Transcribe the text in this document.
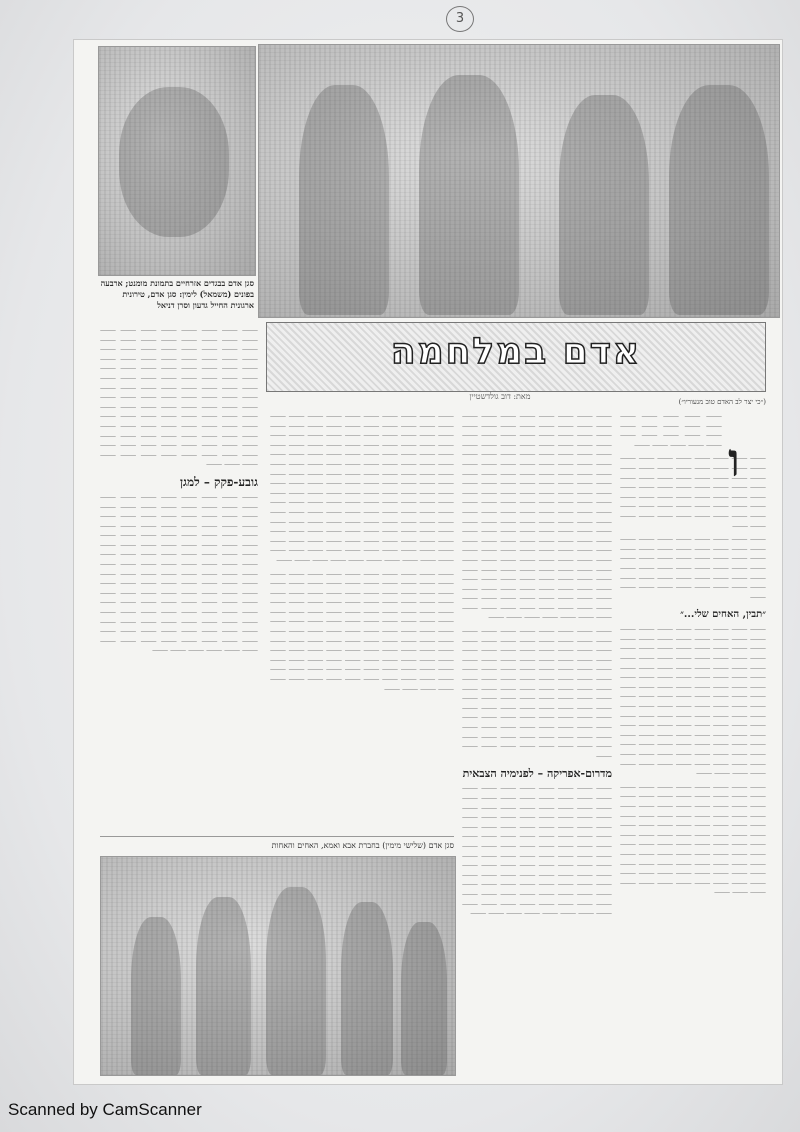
3
סגן אדם בבגדים אזרחיים בתמונת מומנט; ארבעה בפונים (משמאל) לימין: סגן אדם, טירונית ארגונית החייל גדעון וסרן דניאל
אדם במלחמה
מאת: דוב גולדשטיין
(״כי יצר לב האדם טוב מנעוריו״)
ו

⸻ ⸻ ⸻ ⸻ ⸻ ⸻ ⸻ ⸻ ⸻ ⸻ ⸻ ⸻ ⸻ ⸻ ⸻ ⸻ ⸻ ⸻ ⸻ ⸻

⸻ ⸻ ⸻ ⸻ ⸻ ⸻ ⸻ ⸻ ⸻ ⸻ ⸻ ⸻ ⸻ ⸻ ⸻ ⸻ ⸻ ⸻ ⸻ ⸻ ⸻ ⸻ ⸻ ⸻ ⸻ ⸻ ⸻ ⸻ ⸻ ⸻ ⸻ ⸻ ⸻ ⸻ ⸻ ⸻ ⸻ ⸻ ⸻ ⸻ ⸻ ⸻ ⸻ ⸻ ⸻ ⸻ ⸻ ⸻ ⸻ ⸻ ⸻ ⸻ ⸻ ⸻ ⸻ ⸻ ⸻ ⸻

⸻ ⸻ ⸻ ⸻ ⸻ ⸻ ⸻ ⸻ ⸻ ⸻ ⸻ ⸻ ⸻ ⸻ ⸻ ⸻ ⸻ ⸻ ⸻ ⸻ ⸻ ⸻ ⸻ ⸻ ⸻ ⸻ ⸻ ⸻ ⸻ ⸻ ⸻ ⸻ ⸻ ⸻ ⸻ ⸻ ⸻ ⸻ ⸻ ⸻ ⸻ ⸻ ⸻ ⸻ ⸻ ⸻ ⸻ ⸻ ⸻

״תבין, האחים שלי...״

⸻ ⸻ ⸻ ⸻ ⸻ ⸻ ⸻ ⸻ ⸻ ⸻ ⸻ ⸻ ⸻ ⸻ ⸻ ⸻ ⸻ ⸻ ⸻ ⸻ ⸻ ⸻ ⸻ ⸻ ⸻ ⸻ ⸻ ⸻ ⸻ ⸻ ⸻ ⸻ ⸻ ⸻ ⸻ ⸻ ⸻ ⸻ ⸻ ⸻ ⸻ ⸻ ⸻ ⸻ ⸻ ⸻ ⸻ ⸻ ⸻ ⸻ ⸻ ⸻ ⸻ ⸻ ⸻ ⸻ ⸻ ⸻ ⸻ ⸻ ⸻ ⸻ ⸻ ⸻ ⸻ ⸻ ⸻ ⸻ ⸻ ⸻ ⸻ ⸻ ⸻ ⸻ ⸻ ⸻ ⸻ ⸻ ⸻ ⸻ ⸻ ⸻ ⸻ ⸻ ⸻ ⸻ ⸻ ⸻ ⸻ ⸻ ⸻ ⸻ ⸻ ⸻ ⸻ ⸻ ⸻ ⸻ ⸻ ⸻ ⸻ ⸻ ⸻ ⸻ ⸻ ⸻ ⸻ ⸻ ⸻ ⸻ ⸻ ⸻ ⸻ ⸻ ⸻ ⸻ ⸻ ⸻ ⸻ ⸻ ⸻ ⸻ ⸻ ⸻

⸻ ⸻ ⸻ ⸻ ⸻ ⸻ ⸻ ⸻ ⸻ ⸻ ⸻ ⸻ ⸻ ⸻ ⸻ ⸻ ⸻ ⸻ ⸻ ⸻ ⸻ ⸻ ⸻ ⸻ ⸻ ⸻ ⸻ ⸻ ⸻ ⸻ ⸻ ⸻ ⸻ ⸻ ⸻ ⸻ ⸻ ⸻ ⸻ ⸻ ⸻ ⸻ ⸻ ⸻ ⸻ ⸻ ⸻ ⸻ ⸻ ⸻ ⸻ ⸻ ⸻ ⸻ ⸻ ⸻ ⸻ ⸻ ⸻ ⸻ ⸻ ⸻ ⸻ ⸻ ⸻ ⸻ ⸻ ⸻ ⸻ ⸻ ⸻ ⸻ ⸻ ⸻ ⸻ ⸻ ⸻ ⸻ ⸻ ⸻ ⸻ ⸻ ⸻ ⸻ ⸻ ⸻ ⸻ ⸻ ⸻ ⸻ ⸻

⸻ ⸻ ⸻ ⸻ ⸻ ⸻ ⸻ ⸻ ⸻ ⸻ ⸻ ⸻ ⸻ ⸻ ⸻ ⸻ ⸻ ⸻ ⸻ ⸻ ⸻ ⸻ ⸻ ⸻ ⸻ ⸻ ⸻ ⸻ ⸻ ⸻ ⸻ ⸻ ⸻ ⸻ ⸻ ⸻ ⸻ ⸻ ⸻ ⸻ ⸻ ⸻ ⸻ ⸻ ⸻ ⸻ ⸻ ⸻ ⸻ ⸻ ⸻ ⸻ ⸻ ⸻ ⸻ ⸻ ⸻ ⸻ ⸻ ⸻ ⸻ ⸻ ⸻ ⸻ ⸻ ⸻ ⸻ ⸻ ⸻ ⸻ ⸻ ⸻ ⸻ ⸻ ⸻ ⸻ ⸻ ⸻ ⸻ ⸻ ⸻ ⸻ ⸻ ⸻ ⸻ ⸻ ⸻ ⸻ ⸻ ⸻ ⸻ ⸻ ⸻ ⸻ ⸻ ⸻ ⸻ ⸻ ⸻ ⸻ ⸻ ⸻ ⸻ ⸻ ⸻ ⸻ ⸻ ⸻ ⸻ ⸻ ⸻ ⸻ ⸻ ⸻ ⸻ ⸻ ⸻ ⸻ ⸻ ⸻ ⸻ ⸻ ⸻ ⸻ ⸻ ⸻ ⸻ ⸻ ⸻ ⸻ ⸻ ⸻ ⸻ ⸻ ⸻ ⸻ ⸻ ⸻ ⸻ ⸻ ⸻ ⸻ ⸻ ⸻ ⸻ ⸻ ⸻ ⸻ ⸻ ⸻ ⸻ ⸻ ⸻ ⸻ ⸻ ⸻ ⸻ ⸻ ⸻ ⸻ ⸻ ⸻ ⸻ ⸻ ⸻ ⸻ ⸻ ⸻ ⸻ ⸻ ⸻ ⸻ ⸻ ⸻ ⸻

⸻ ⸻ ⸻ ⸻ ⸻ ⸻ ⸻ ⸻ ⸻ ⸻ ⸻ ⸻ ⸻ ⸻ ⸻ ⸻ ⸻ ⸻ ⸻ ⸻ ⸻ ⸻ ⸻ ⸻ ⸻ ⸻ ⸻ ⸻ ⸻ ⸻ ⸻ ⸻ ⸻ ⸻ ⸻ ⸻ ⸻ ⸻ ⸻ ⸻ ⸻ ⸻ ⸻ ⸻ ⸻ ⸻ ⸻ ⸻ ⸻ ⸻ ⸻ ⸻ ⸻ ⸻ ⸻ ⸻ ⸻ ⸻ ⸻ ⸻ ⸻ ⸻ ⸻ ⸻ ⸻ ⸻ ⸻ ⸻ ⸻ ⸻ ⸻ ⸻ ⸻ ⸻ ⸻ ⸻ ⸻ ⸻ ⸻ ⸻ ⸻ ⸻ ⸻ ⸻ ⸻ ⸻ ⸻ ⸻ ⸻ ⸻ ⸻ ⸻ ⸻ ⸻ ⸻ ⸻ ⸻ ⸻ ⸻ ⸻ ⸻ ⸻ ⸻ ⸻ ⸻

מדרום-אפריקה – לפנימיה הצבאית

⸻ ⸻ ⸻ ⸻ ⸻ ⸻ ⸻ ⸻ ⸻ ⸻ ⸻ ⸻ ⸻ ⸻ ⸻ ⸻ ⸻ ⸻ ⸻ ⸻ ⸻ ⸻ ⸻ ⸻ ⸻ ⸻ ⸻ ⸻ ⸻ ⸻ ⸻ ⸻ ⸻ ⸻ ⸻ ⸻ ⸻ ⸻ ⸻ ⸻ ⸻ ⸻ ⸻ ⸻ ⸻ ⸻ ⸻ ⸻ ⸻ ⸻ ⸻ ⸻ ⸻ ⸻ ⸻ ⸻ ⸻ ⸻ ⸻ ⸻ ⸻ ⸻ ⸻ ⸻ ⸻ ⸻ ⸻ ⸻ ⸻ ⸻ ⸻ ⸻ ⸻ ⸻ ⸻ ⸻ ⸻ ⸻ ⸻ ⸻ ⸻ ⸻ ⸻ ⸻ ⸻ ⸻ ⸻ ⸻ ⸻ ⸻ ⸻ ⸻ ⸻ ⸻ ⸻ ⸻ ⸻ ⸻ ⸻ ⸻ ⸻ ⸻ ⸻ ⸻ ⸻ ⸻ ⸻ ⸻ ⸻ ⸻ ⸻ ⸻

⸻ ⸻ ⸻ ⸻ ⸻ ⸻ ⸻ ⸻ ⸻ ⸻ ⸻ ⸻ ⸻ ⸻ ⸻ ⸻ ⸻ ⸻ ⸻ ⸻ ⸻ ⸻ ⸻ ⸻ ⸻ ⸻ ⸻ ⸻ ⸻ ⸻ ⸻ ⸻ ⸻ ⸻ ⸻ ⸻ ⸻ ⸻ ⸻ ⸻ ⸻ ⸻ ⸻ ⸻ ⸻ ⸻ ⸻ ⸻ ⸻ ⸻ ⸻ ⸻ ⸻ ⸻ ⸻ ⸻ ⸻ ⸻ ⸻ ⸻ ⸻ ⸻ ⸻ ⸻ ⸻ ⸻ ⸻ ⸻ ⸻ ⸻ ⸻ ⸻ ⸻ ⸻ ⸻ ⸻ ⸻ ⸻ ⸻ ⸻ ⸻ ⸻ ⸻ ⸻ ⸻ ⸻ ⸻ ⸻ ⸻ ⸻ ⸻ ⸻ ⸻ ⸻ ⸻ ⸻ ⸻ ⸻ ⸻ ⸻ ⸻ ⸻ ⸻ ⸻ ⸻ ⸻ ⸻ ⸻ ⸻ ⸻ ⸻ ⸻ ⸻ ⸻ ⸻ ⸻ ⸻ ⸻ ⸻ ⸻ ⸻ ⸻ ⸻ ⸻ ⸻ ⸻ ⸻ ⸻ ⸻ ⸻ ⸻ ⸻ ⸻ ⸻ ⸻ ⸻ ⸻ ⸻ ⸻ ⸻ ⸻ ⸻ ⸻ ⸻ ⸻ ⸻ ⸻ ⸻ ⸻ ⸻ ⸻ ⸻ ⸻ ⸻ ⸻ ⸻ ⸻ ⸻ ⸻ ⸻

⸻ ⸻ ⸻ ⸻ ⸻ ⸻ ⸻ ⸻ ⸻ ⸻ ⸻ ⸻ ⸻ ⸻ ⸻ ⸻ ⸻ ⸻ ⸻ ⸻ ⸻ ⸻ ⸻ ⸻ ⸻ ⸻ ⸻ ⸻ ⸻ ⸻ ⸻ ⸻ ⸻ ⸻ ⸻ ⸻ ⸻ ⸻ ⸻ ⸻ ⸻ ⸻ ⸻ ⸻ ⸻ ⸻ ⸻ ⸻ ⸻ ⸻ ⸻ ⸻ ⸻ ⸻ ⸻ ⸻ ⸻ ⸻ ⸻ ⸻ ⸻ ⸻ ⸻ ⸻ ⸻ ⸻ ⸻ ⸻ ⸻ ⸻ ⸻ ⸻ ⸻ ⸻ ⸻ ⸻ ⸻ ⸻ ⸻ ⸻ ⸻ ⸻ ⸻ ⸻ ⸻ ⸻ ⸻ ⸻ ⸻ ⸻ ⸻ ⸻ ⸻ ⸻ ⸻ ⸻ ⸻ ⸻ ⸻ ⸻ ⸻ ⸻ ⸻ ⸻ ⸻ ⸻ ⸻ ⸻ ⸻ ⸻ ⸻ ⸻ ⸻ ⸻ ⸻ ⸻ ⸻ ⸻ ⸻ ⸻ ⸻ ⸻ ⸻ ⸻

⸻ ⸻ ⸻ ⸻ ⸻ ⸻ ⸻ ⸻ ⸻ ⸻ ⸻ ⸻ ⸻ ⸻ ⸻ ⸻ ⸻ ⸻ ⸻ ⸻ ⸻ ⸻ ⸻ ⸻ ⸻ ⸻ ⸻ ⸻ ⸻ ⸻ ⸻ ⸻ ⸻ ⸻ ⸻ ⸻ ⸻ ⸻ ⸻ ⸻ ⸻ ⸻ ⸻ ⸻ ⸻ ⸻ ⸻ ⸻ ⸻ ⸻ ⸻ ⸻ ⸻ ⸻ ⸻ ⸻ ⸻ ⸻ ⸻ ⸻ ⸻ ⸻ ⸻ ⸻ ⸻ ⸻ ⸻ ⸻ ⸻ ⸻ ⸻ ⸻ ⸻ ⸻ ⸻ ⸻ ⸻ ⸻ ⸻ ⸻ ⸻ ⸻ ⸻ ⸻ ⸻ ⸻ ⸻ ⸻ ⸻ ⸻ ⸻ ⸻ ⸻ ⸻ ⸻ ⸻ ⸻ ⸻ ⸻ ⸻ ⸻ ⸻ ⸻ ⸻ ⸻ ⸻ ⸻ ⸻ ⸻ ⸻ ⸻ ⸻ ⸻ ⸻ ⸻

גובע-פקק – למגן

⸻ ⸻ ⸻ ⸻ ⸻ ⸻ ⸻ ⸻ ⸻ ⸻ ⸻ ⸻ ⸻ ⸻ ⸻ ⸻ ⸻ ⸻ ⸻ ⸻ ⸻ ⸻ ⸻ ⸻ ⸻ ⸻ ⸻ ⸻ ⸻ ⸻ ⸻ ⸻ ⸻ ⸻ ⸻ ⸻ ⸻ ⸻ ⸻ ⸻ ⸻ ⸻ ⸻ ⸻ ⸻ ⸻ ⸻ ⸻ ⸻ ⸻ ⸻ ⸻ ⸻ ⸻ ⸻ ⸻ ⸻ ⸻ ⸻ ⸻ ⸻ ⸻ ⸻ ⸻ ⸻ ⸻ ⸻ ⸻ ⸻ ⸻ ⸻ ⸻ ⸻ ⸻ ⸻ ⸻ ⸻ ⸻ ⸻ ⸻ ⸻ ⸻ ⸻ ⸻ ⸻ ⸻ ⸻ ⸻ ⸻ ⸻ ⸻ ⸻ ⸻ ⸻ ⸻ ⸻ ⸻ ⸻ ⸻ ⸻ ⸻ ⸻ ⸻ ⸻ ⸻ ⸻ ⸻ ⸻ ⸻ ⸻ ⸻ ⸻ ⸻ ⸻ ⸻ ⸻ ⸻ ⸻ ⸻ ⸻ ⸻ ⸻ ⸻ ⸻ ⸻ ⸻ ⸻ ⸻ ⸻ ⸻ ⸻ ⸻ ⸻ ⸻

סגן אדם (שלישי מימין) בחברת אבא ואמא, האחים והאחות
Scanned by CamScanner
